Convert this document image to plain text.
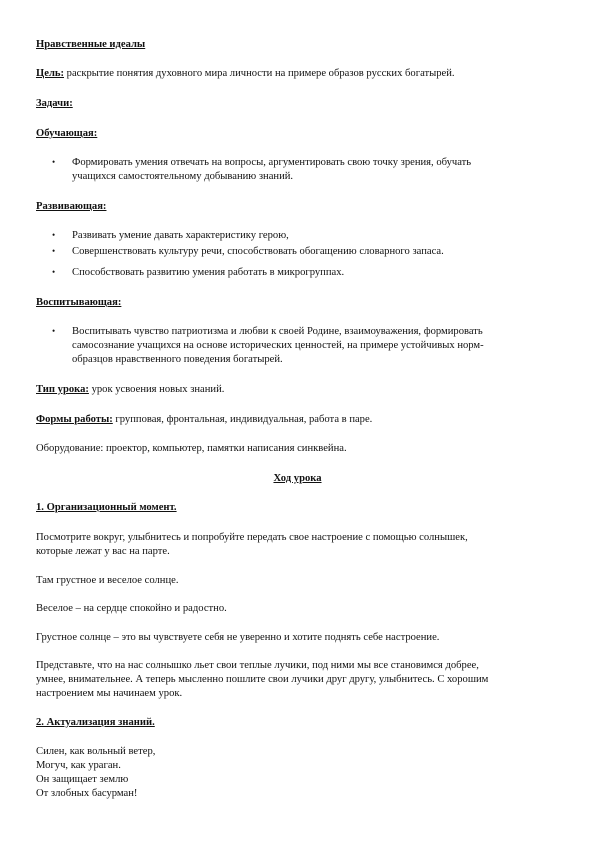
Нравственные идеалы
Цель: раскрытие понятия духовного мира личности на примере образов русских богатырей.
Задачи:
Обучающая:
• Формировать умения отвечать на вопросы, аргументировать свою точку зрения, обучать
учащихся самостоятельному добыванию знаний.
Развивающая:
• Развивать умение давать характеристику герою,
• Совершенствовать культуру речи, способствовать обогащению словарного запаса.
• Способствовать развитию умения работать в микрогруппах.
Воспитывающая:
• Воспитывать чувство патриотизма и любви к своей Родине, взаимоуважения, формировать
самосознание учащихся на основе исторических ценностей, на примере устойчивых норм-
образцов нравственного поведения богатырей.
Тип урока: урок усвоения новых знаний.
Формы работы: групповая, фронтальная, индивидуальная, работа в паре.
Оборудование: проектор, компьютер, памятки написания синквейна.
Ход урока
1. Организационный момент.
Посмотрите вокруг, улыбнитесь и попробуйте передать свое настроение с помощью солнышек,
которые лежат у вас на парте.
Там грустное и веселое солнце.
Веселое – на сердце спокойно и радостно.
Грустное солнце – это вы чувствуете себя не уверенно и хотите поднять себе настроение.
Представьте, что на нас солнышко льет свои теплые лучики, под ними мы все становимся добрее,
умнее, внимательнее. А теперь мысленно пошлите свои лучики друг другу, улыбнитесь. С хорошим
настроением мы начинаем урок.
2. Актуализация знаний.
Силен, как вольный ветер,
Могуч, как ураган.
Он защищает землю
От злобных басурман!
